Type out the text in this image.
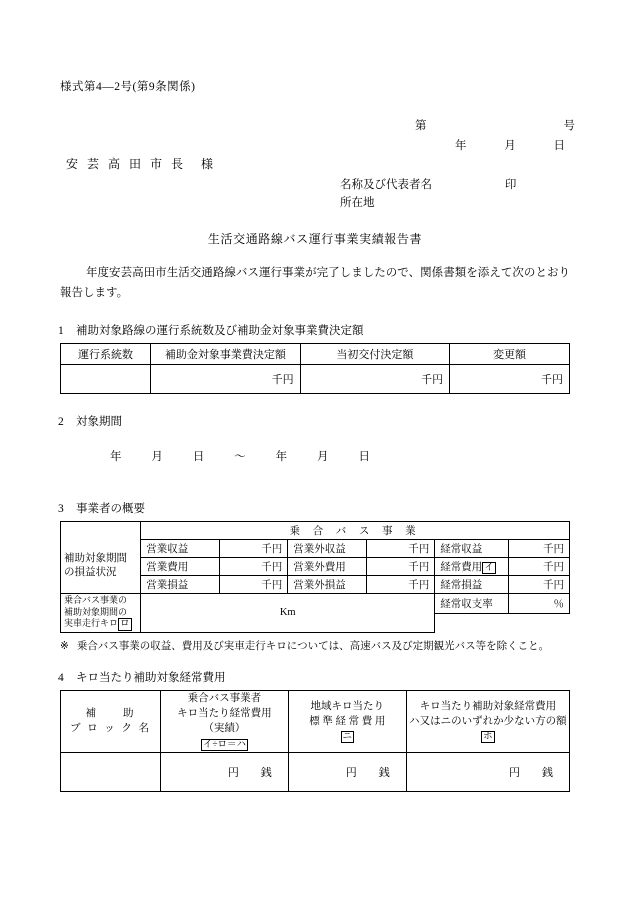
様式第4―2号(第9条関係)
第	号
年	月	日
安 芸 高 田 市 長　様
名称及び代表者名	印
所在地
生活交通路線バス運行事業実績報告書
年度安芸高田市生活交通路線バス運行事業が完了しましたので、関係書類を添えて次のとおり報告します。
1 補助対象路線の運行系統数及び補助金対象事業費決定額
運行系統数	補助金対象事業費決定額	当初交付決定額	変更額
	千円	千円	千円
2 対象期間
年	月	日	～	年	月	日
3 事業者の概要
	乗 合 バ ス 事 業					

補助対象期間
の損益状況	営業収益	千円	営業外収益	千円	経常収益	千円
	営業費用	千円	営業外費用	千円	経常費用 イ	千円
	営業損益	千円	営業外損益	千円	経常損益	千円

乗合バス事業の
補助対象期間の
実車走行キロ ロ	Km				経常収支率	％

※ 乗合バス事業の収益、費用及び実車走行キロについては、高速バス及び定期観光バス等を除くこと。
4 キロ当たり補助対象経常費用
補　　助
ブ ロ ッ ク 名

乗合バス事業者
キロ当たり経常費用
（実績）
イ÷ロ＝ハ

地域キロ当たり
標 準 経 常 費 用
ニ

キロ当たり補助対象経常費用
ハ又はニのいずれか少ない方の額
ホ

	円　　銭	円　　銭	円　　銭
